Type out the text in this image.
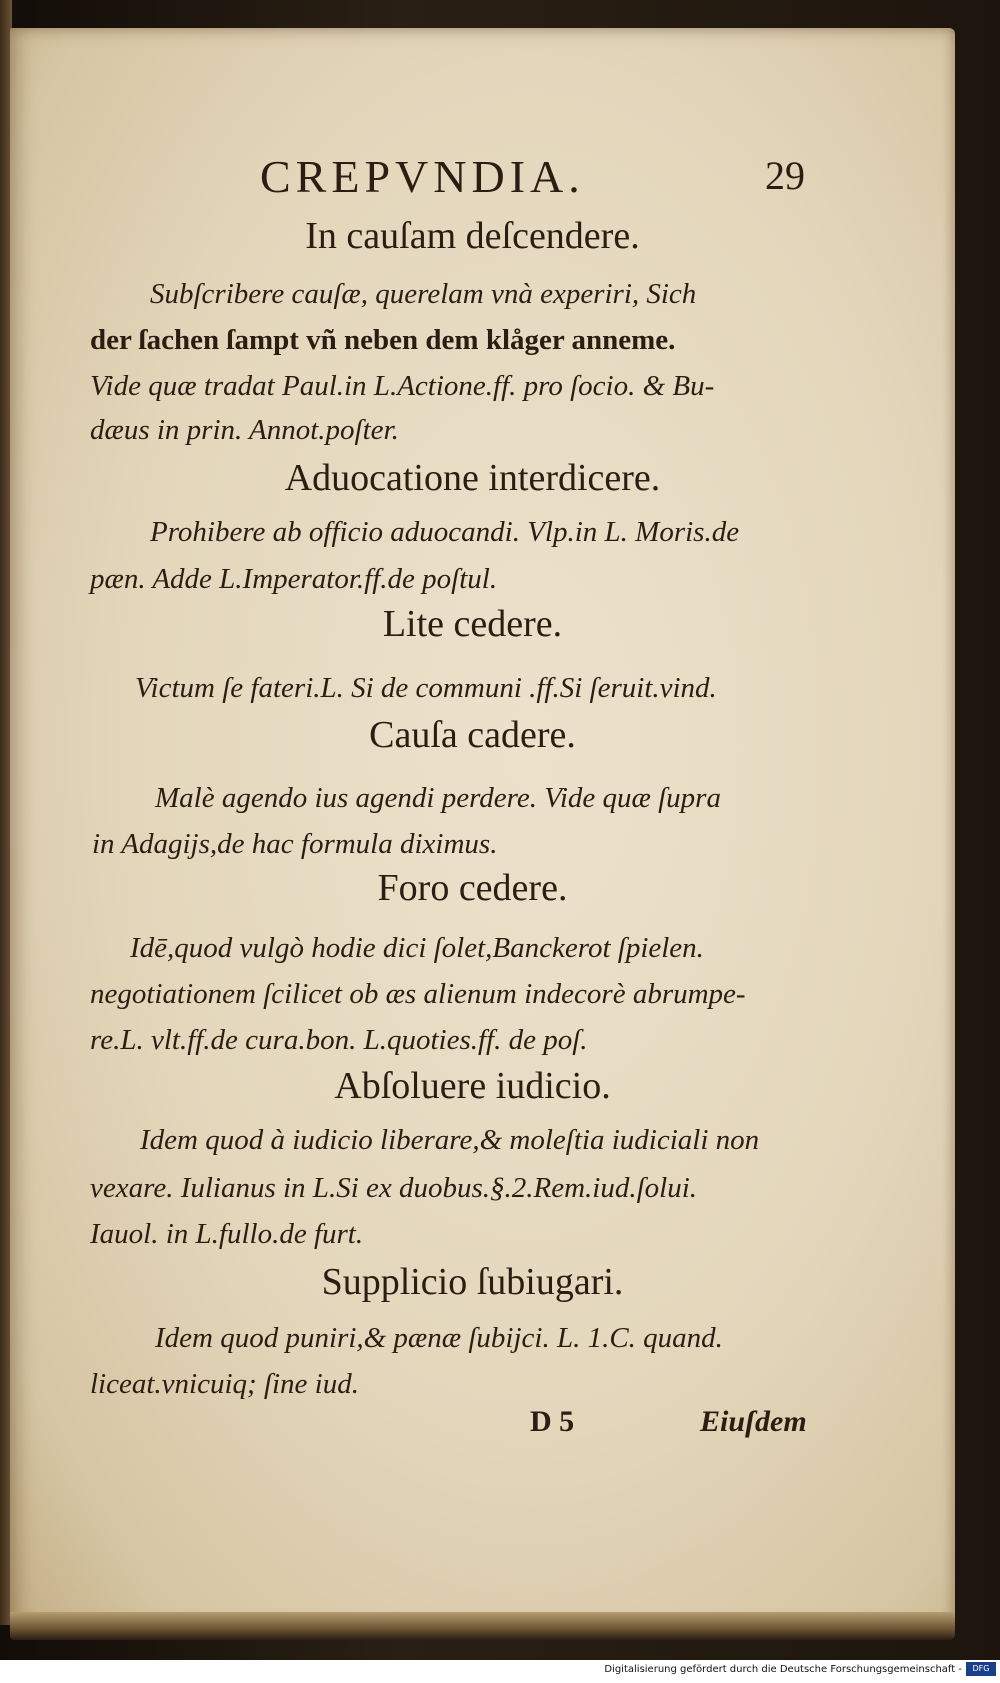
CREPVNDIA.	29
In cauſam deſcendere.
Subſcribere cauſæ, querelam vnà experiri, Sich
der ſachen ſampt vñ neben dem klåger anneme.
Vide quæ tradat Paul.in L.Actione.ff. pro ſocio. & Bu-
dæus in prin. Annot.poſter.
Aduocatione interdicere.
Prohibere ab officio aduocandi. Vlp.in L. Moris.de
pæn. Adde L.Imperator.ff.de poſtul.
Lite cedere.
Victum ſe fateri.L. Si de communi .ff.Si ſeruit.vind.
Cauſa cadere.
Malè agendo ius agendi perdere. Vide quæ ſupra
in Adagijs,de hac formula diximus.
Foro cedere.
Idē,quod vulgò hodie dici ſolet,Banckerot ſpielen.
negotiationem ſcilicet ob æs alienum indecorè abrumpe-
re.L. vlt.ff.de cura.bon. L.quoties.ff. de poſ.
Abſoluere iudicio.
Idem quod à iudicio liberare,& moleſtia iudiciali non
vexare. Iulianus in L.Si ex duobus.§.2.Rem.iud.ſolui.
Iauol. in L.fullo.de furt.
Supplicio ſubiugari.
Idem quod puniri,& pænæ ſubijci. L. 1.C. quand.
liceat.vnicuiq; ſine iud.
D 5	Eiuſdem
Digitalisierung gefördert durch die Deutsche Forschungsgemeinschaft -	DFG
